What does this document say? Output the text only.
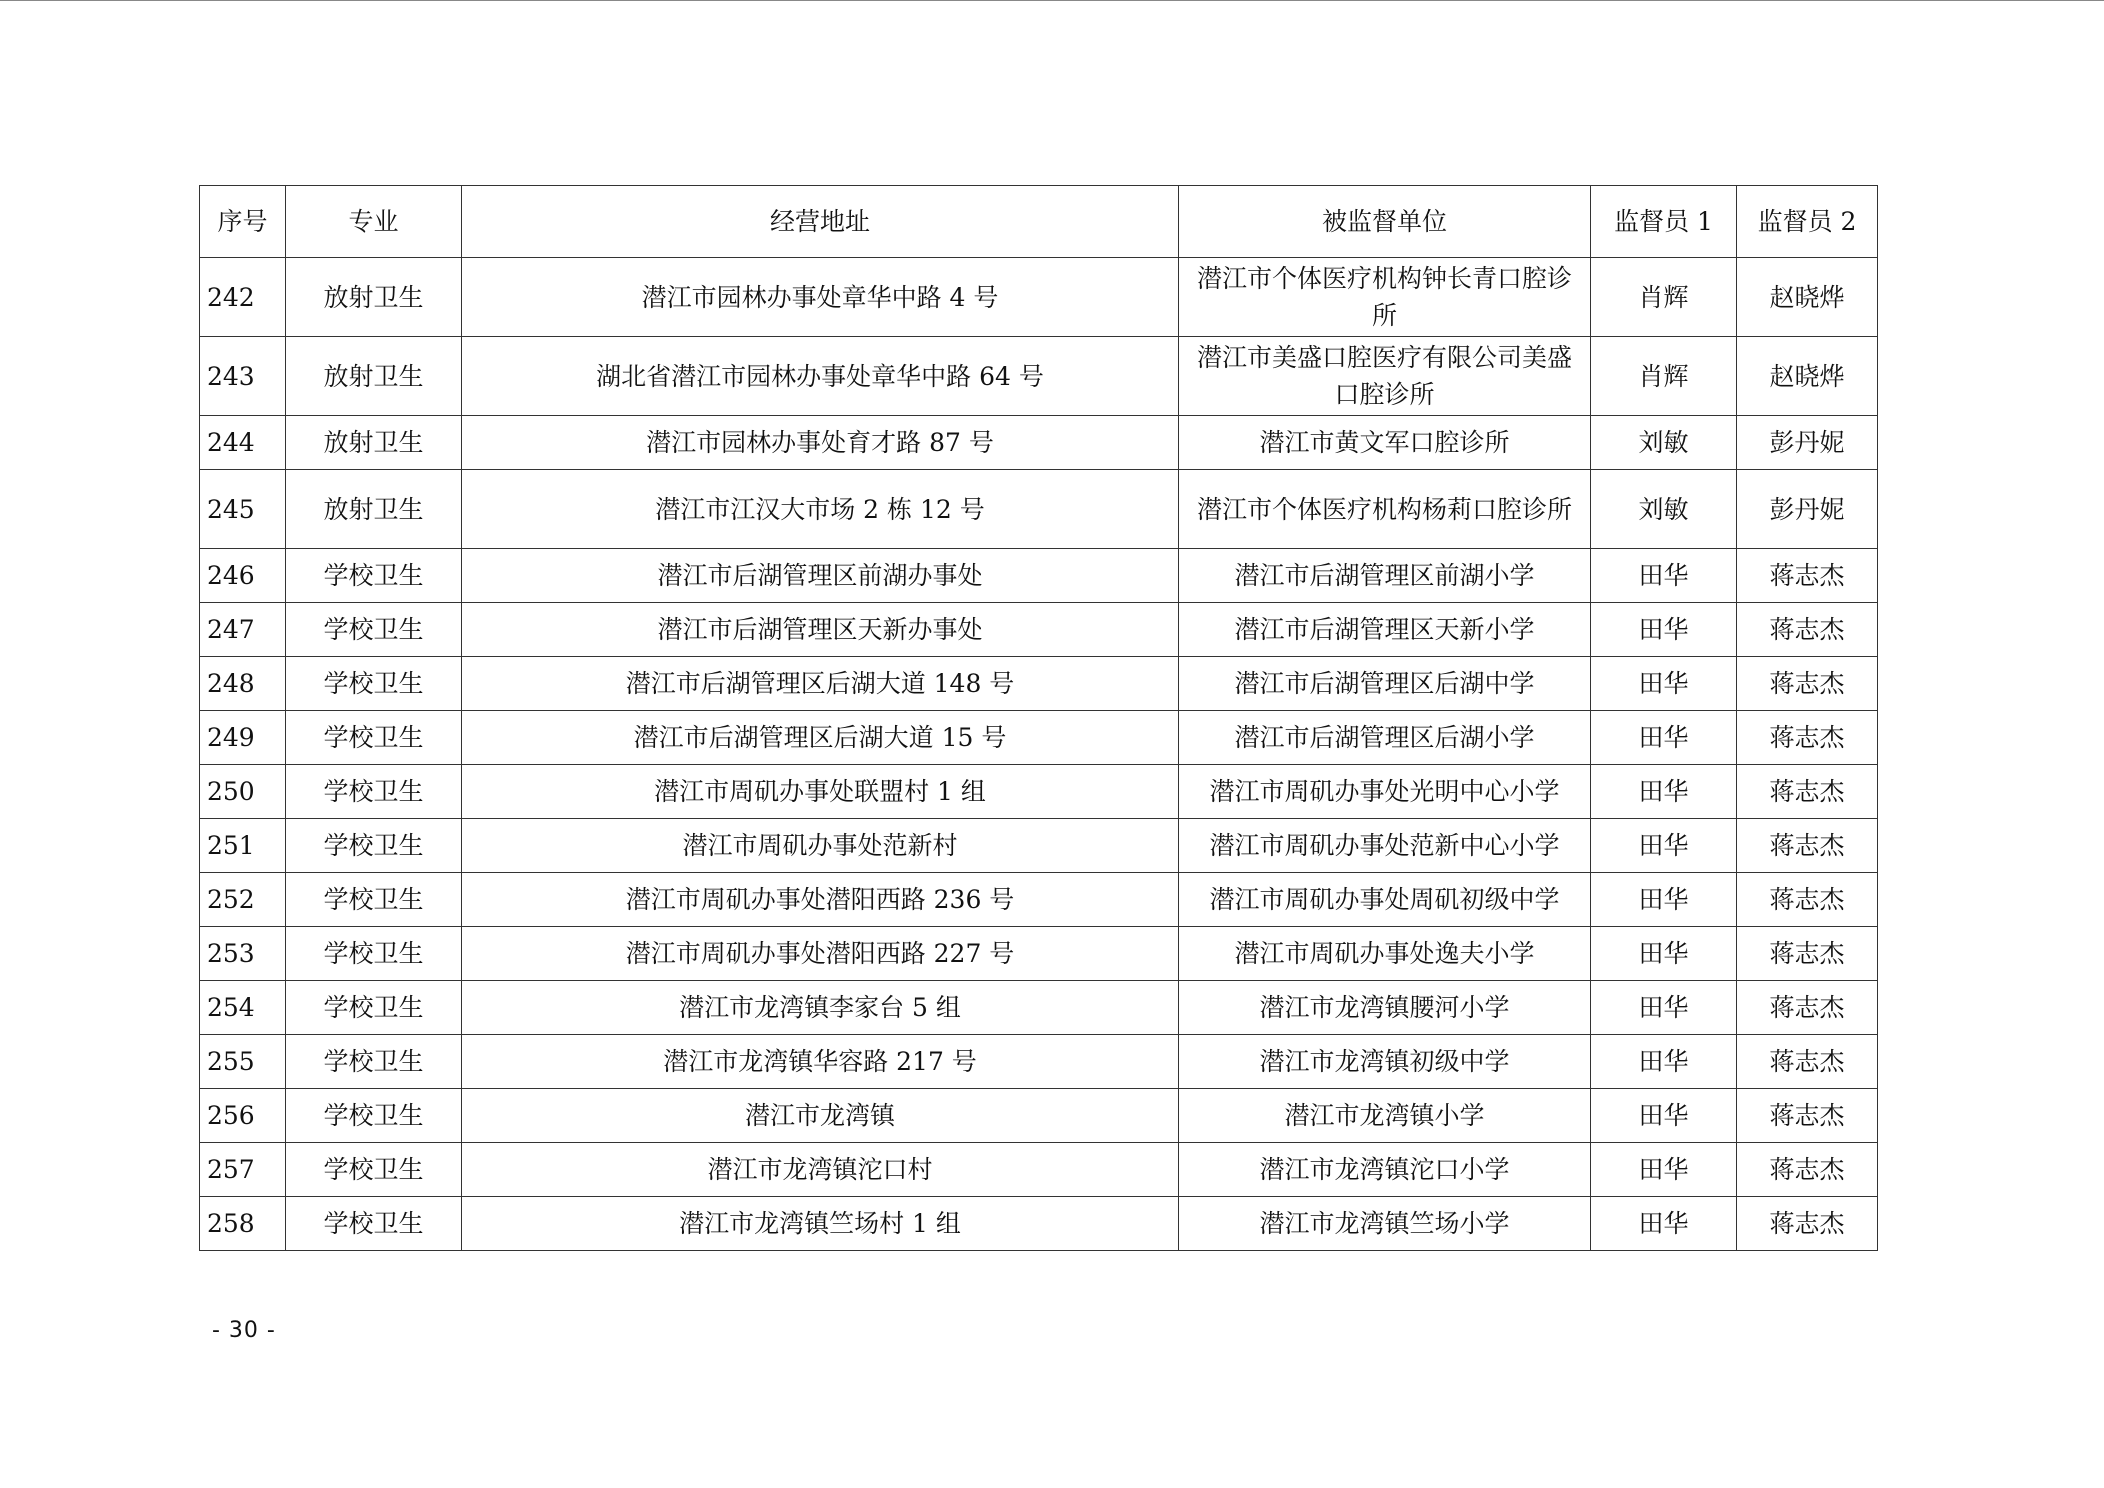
序号	专业	经营地址	被监督单位	监督员 1	监督员 2
242	放射卫生	潜江市园林办事处章华中路 4 号	潜江市个体医疗机构钟长青口腔诊所	肖辉	赵晓烨
243	放射卫生	湖北省潜江市园林办事处章华中路 64 号	潜江市美盛口腔医疗有限公司美盛口腔诊所	肖辉	赵晓烨
244	放射卫生	潜江市园林办事处育才路 87 号	潜江市黄文军口腔诊所	刘敏	彭丹妮
245	放射卫生	潜江市江汉大市场 2 栋 12 号	潜江市个体医疗机构杨莉口腔诊所	刘敏	彭丹妮
246	学校卫生	潜江市后湖管理区前湖办事处	潜江市后湖管理区前湖小学	田华	蒋志杰
247	学校卫生	潜江市后湖管理区天新办事处	潜江市后湖管理区天新小学	田华	蒋志杰
248	学校卫生	潜江市后湖管理区后湖大道 148 号	潜江市后湖管理区后湖中学	田华	蒋志杰
249	学校卫生	潜江市后湖管理区后湖大道 15 号	潜江市后湖管理区后湖小学	田华	蒋志杰
250	学校卫生	潜江市周矶办事处联盟村 1 组	潜江市周矶办事处光明中心小学	田华	蒋志杰
251	学校卫生	潜江市周矶办事处范新村	潜江市周矶办事处范新中心小学	田华	蒋志杰
252	学校卫生	潜江市周矶办事处潜阳西路 236 号	潜江市周矶办事处周矶初级中学	田华	蒋志杰
253	学校卫生	潜江市周矶办事处潜阳西路 227 号	潜江市周矶办事处逸夫小学	田华	蒋志杰
254	学校卫生	潜江市龙湾镇李家台 5 组	潜江市龙湾镇腰河小学	田华	蒋志杰
255	学校卫生	潜江市龙湾镇华容路 217 号	潜江市龙湾镇初级中学	田华	蒋志杰
256	学校卫生	潜江市龙湾镇	潜江市龙湾镇小学	田华	蒋志杰
257	学校卫生	潜江市龙湾镇沱口村	潜江市龙湾镇沱口小学	田华	蒋志杰
258	学校卫生	潜江市龙湾镇竺场村 1 组	潜江市龙湾镇竺场小学	田华	蒋志杰
- 30 -
